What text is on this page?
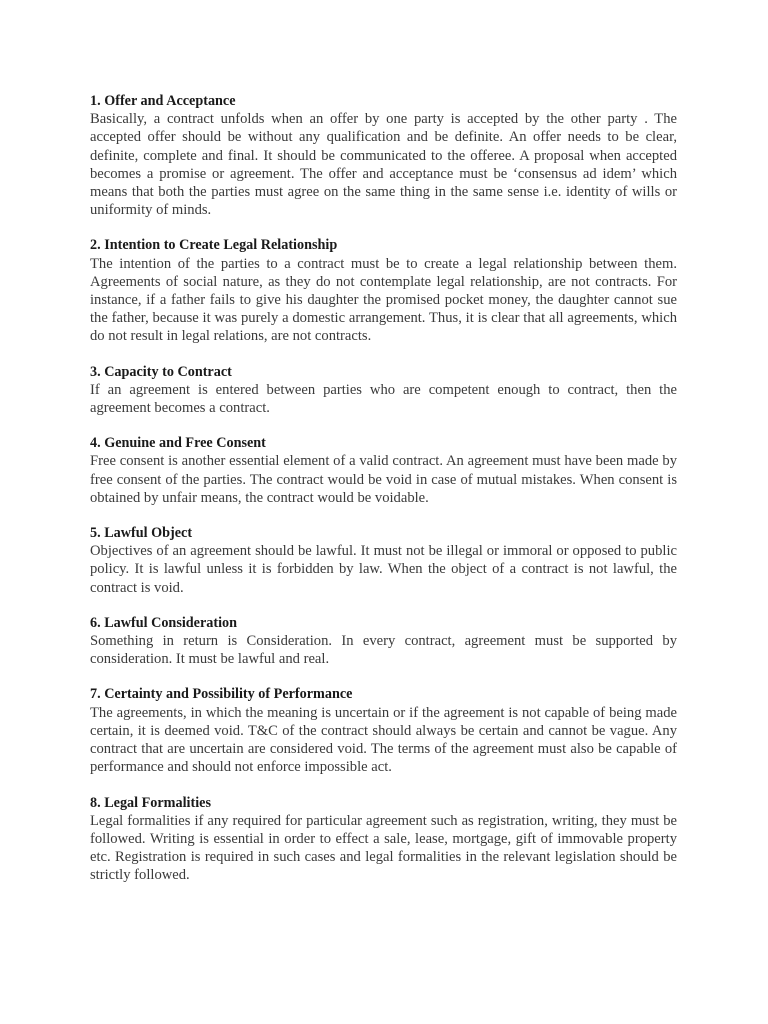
1. Offer and Acceptance

Basically, a contract unfolds when an offer by one party is accepted by the other party . The accepted offer should be without any qualification and be definite. An offer needs to be clear, definite, complete and final. It should be communicated to the offeree. A proposal when accepted becomes a promise or agreement. The offer and acceptance must be ‘consensus ad idem’ which means that both the parties must agree on the same thing in the same sense i.e. identity of wills or uniformity of minds.

2. Intention to Create Legal Relationship

The intention of the parties to a contract must be to create a legal relationship between them. Agreements of social nature, as they do not contemplate legal relationship, are not contracts. For instance, if a father fails to give his daughter the promised pocket money, the daughter cannot sue the father, because it was purely a domestic arrangement. Thus, it is clear that all agreements, which do not result in legal relations, are not contracts.

3. Capacity to Contract

If an agreement is entered between parties who are competent enough to contract, then the agreement becomes a contract.

4. Genuine and Free Consent

Free consent is another essential element of a valid contract. An agreement must have been made by free consent of the parties. The contract would be void in case of mutual mistakes. When consent is obtained by unfair means, the contract would be voidable.

5. Lawful Object

Objectives of an agreement should be lawful. It must not be illegal or immoral or opposed to public policy. It is lawful unless it is forbidden by law. When the object of a contract is not lawful, the contract is void.

6. Lawful Consideration

Something in return is Consideration. In every contract, agreement must be supported by consideration. It must be lawful and real.

7. Certainty and Possibility of Performance

The agreements, in which the meaning is uncertain or if the agreement is not capable of being made certain, it is deemed void. T&C of the contract should always be certain and cannot be vague. Any contract that are uncertain are considered void. The terms of the agreement must also be capable of performance and should not enforce impossible act.

8. Legal Formalities

Legal formalities if any required for particular agreement such as registration, writing, they must be followed. Writing is essential in order to effect a sale, lease, mortgage, gift of immovable property etc. Registration is required in such cases and legal formalities in the relevant legislation should be strictly followed.
